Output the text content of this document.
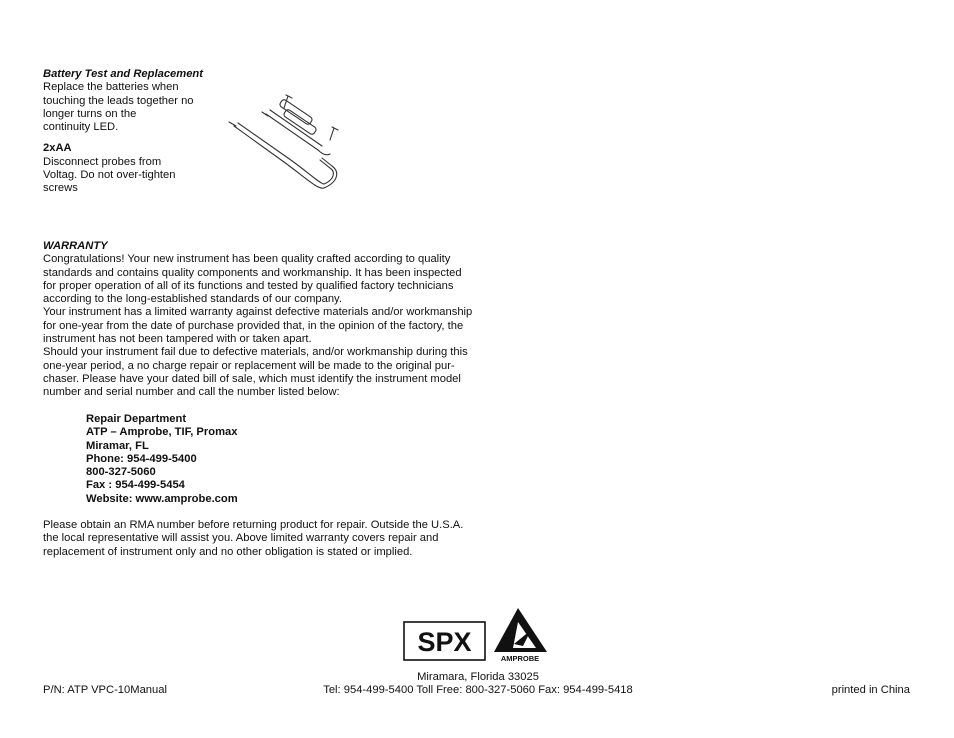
Battery Test and Replacement
Replace the batteries when
touching the leads together no
longer turns on the
continuity LED.
2xAA
Disconnect probes from
Voltag. Do not over-tighten
screws
WARRANTY
Congratulations! Your new instrument has been quality crafted according to quality
standards and contains quality components and workmanship. It has been inspected
for proper operation of all of its functions and tested by qualified factory technicians
according to the long-established standards of our company.
Your instrument has a limited warranty against defective materials and/or workmanship
for one-year from the date of purchase provided that, in the opinion of the factory, the
instrument has not been tampered with or taken apart.
Should your instrument fail due to defective materials, and/or workmanship during this
one-year period, a no charge repair or replacement will be made to the original pur-
chaser. Please have your dated bill of sale, which must identify the instrument model
number and serial number and call the number listed below:
Repair Department
ATP – Amprobe, TIF, Promax
Miramar, FL
Phone: 954-499-5400
800-327-5060
Fax : 954-499-5454
Website: www.amprobe.com
Please obtain an RMA number before returning product for repair. Outside the U.S.A.
the local representative will assist you. Above limited warranty covers repair and
replacement of instrument only and no other obligation is stated or implied.
SPX
AMPROBE
P/N: ATP VPC-10Manual
Miramara, Florida 33025
Tel: 954-499-5400 Toll Free: 800-327-5060 Fax: 954-499-5418	printed in China
